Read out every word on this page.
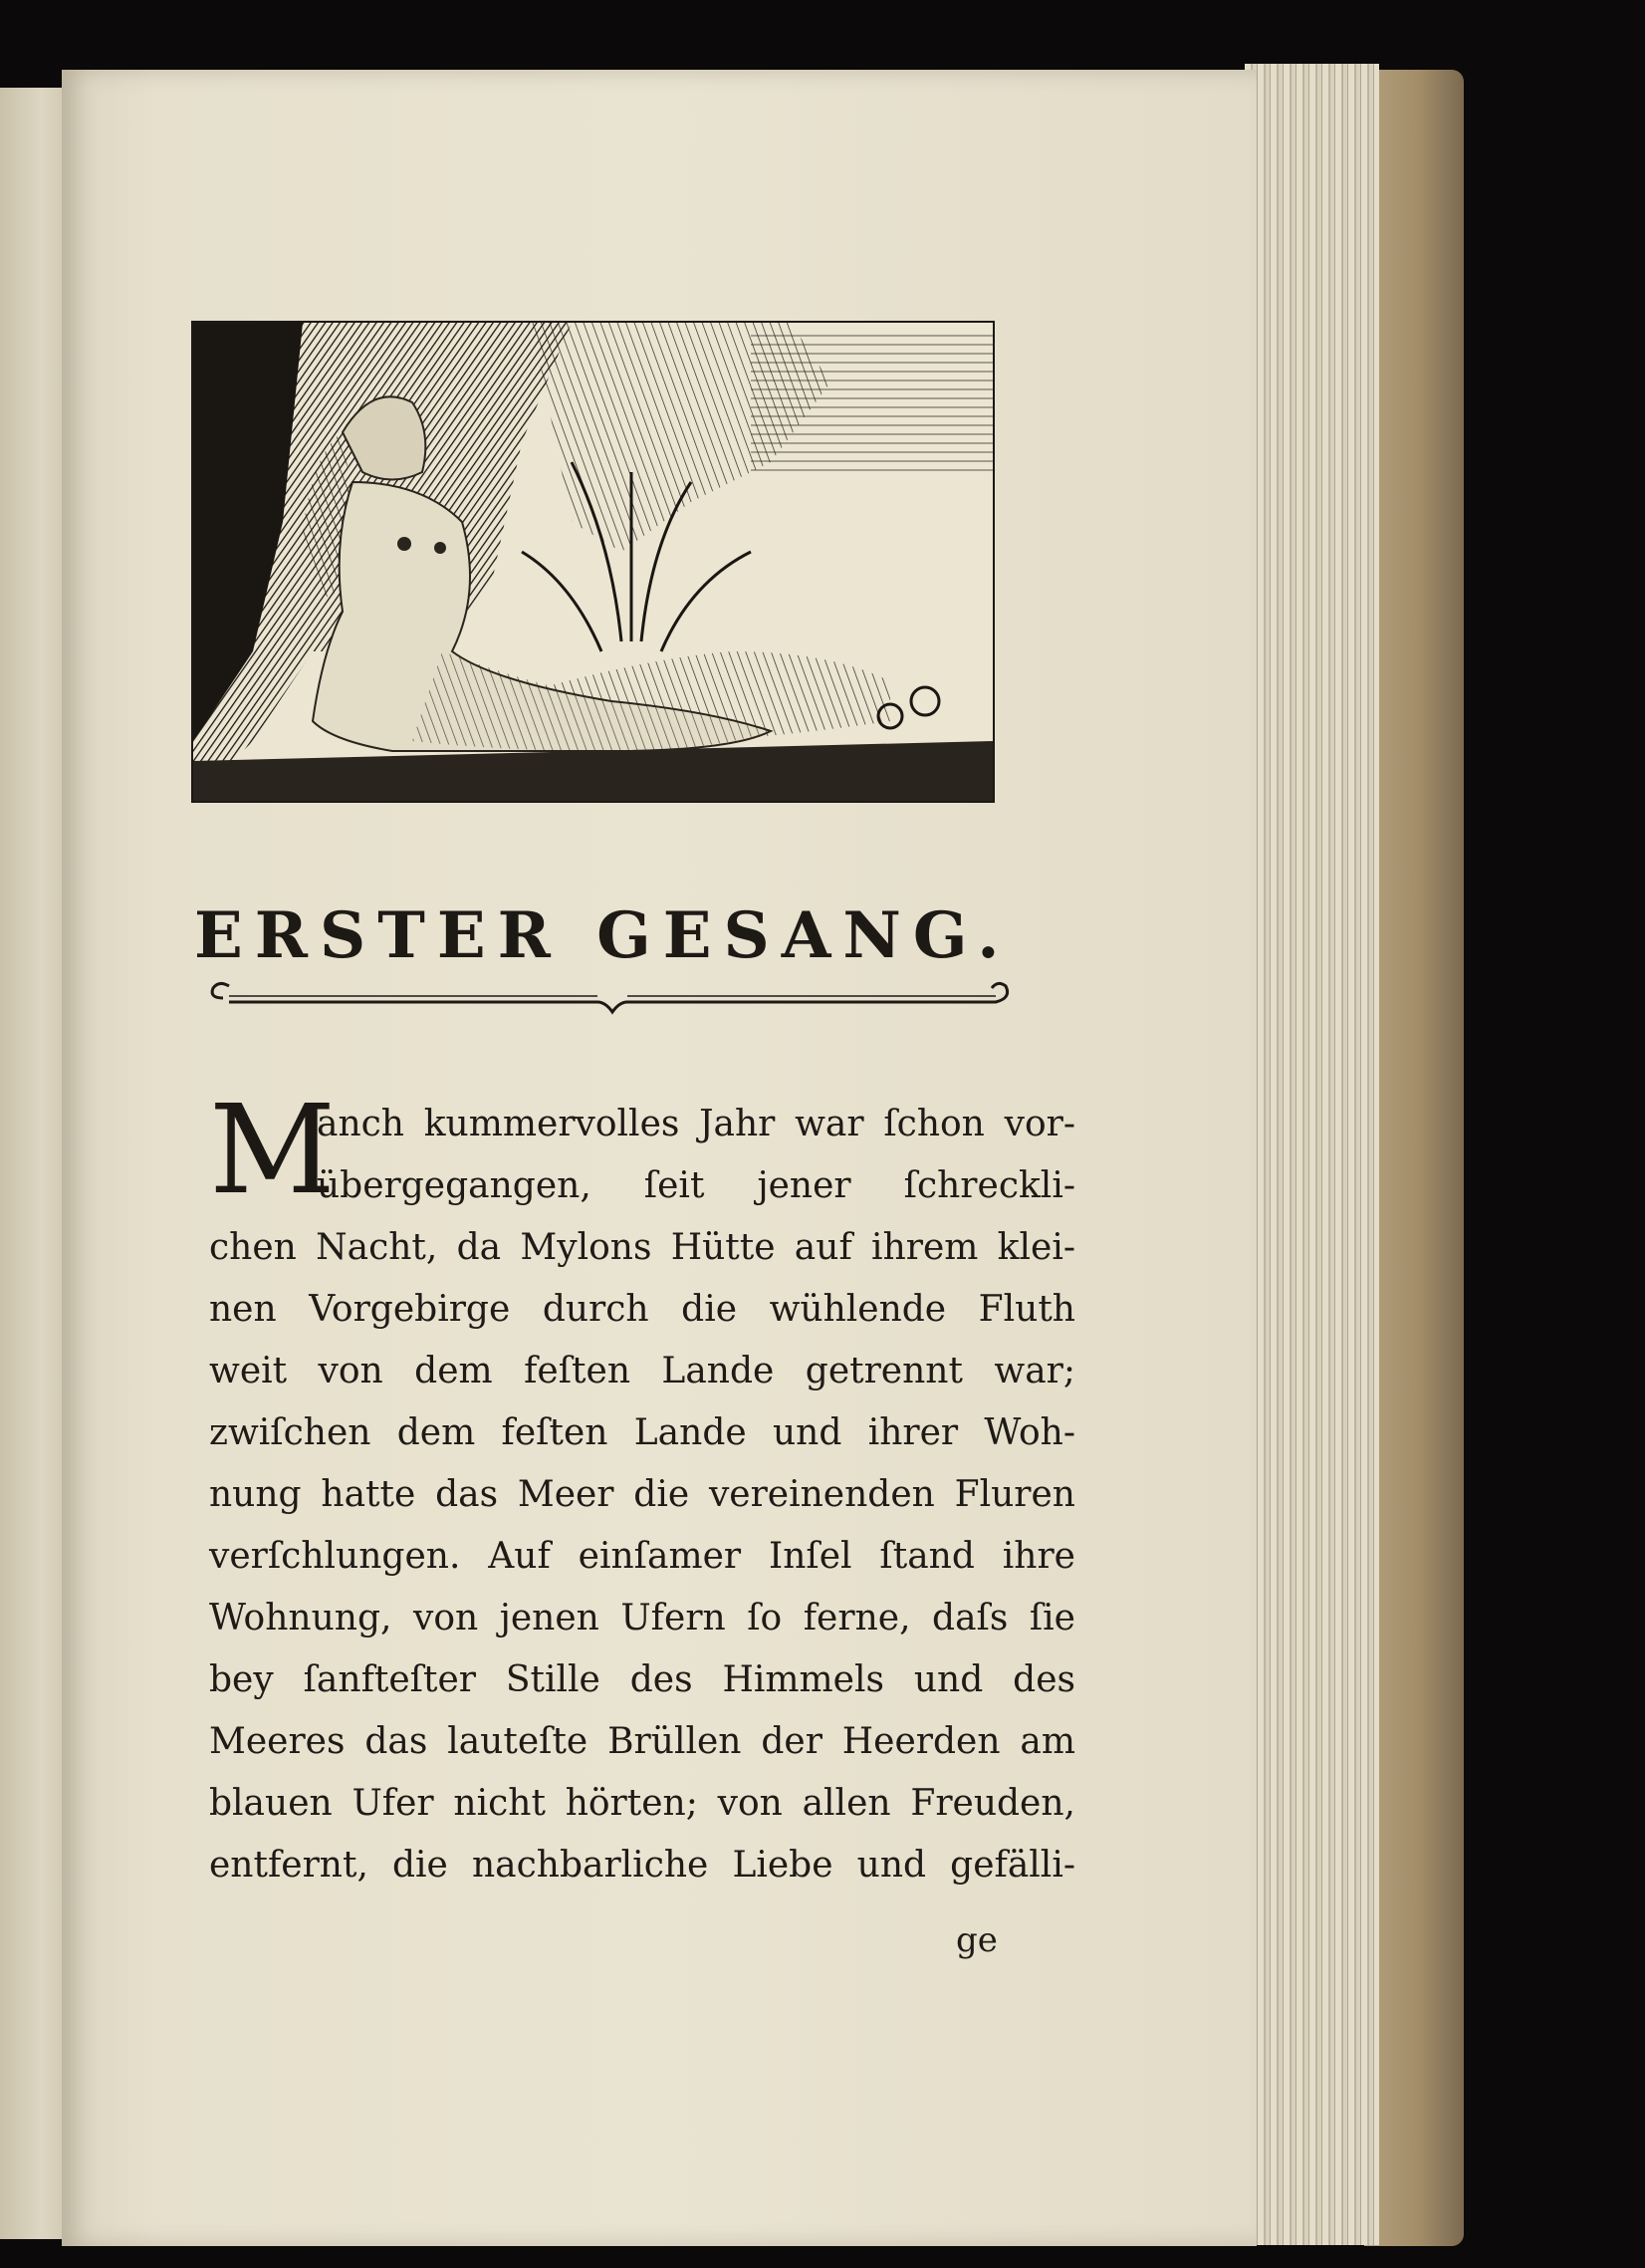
ERSTER GESANG.
M
anch kummervolles Jahr war ſchon vor-
übergegangen, ſeit jener ſchreckli-
chen Nacht, da Mylons Hütte auf ihrem klei-
nen Vorgebirge durch die wühlende Fluth
weit von dem feſten Lande getrennt war;
zwiſchen dem feſten Lande und ihrer Woh-
nung hatte das Meer die vereinenden Fluren
verſchlungen. Auf einſamer Inſel ſtand ihre
Wohnung, von jenen Ufern ſo ferne, daſs ſie
bey ſanfteſter Stille des Himmels und des
Meeres das lauteſte Brüllen der Heerden am
blauen Ufer nicht hörten; von allen Freuden,
entfernt, die nachbarliche Liebe und gefälli-
ge
